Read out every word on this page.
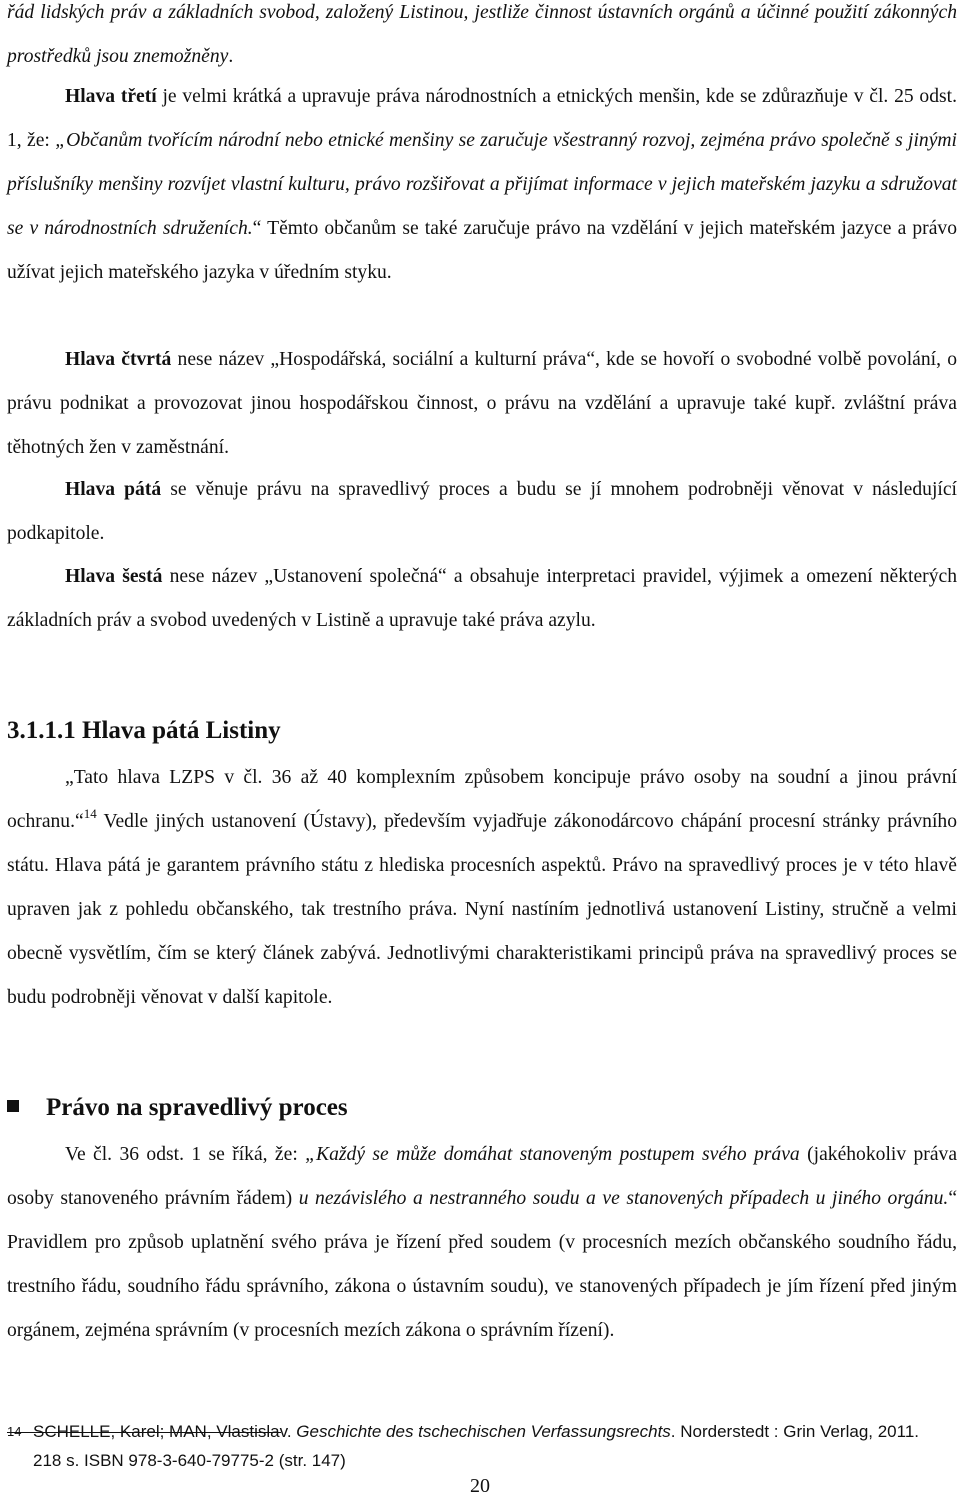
řád lidských práv a základních svobod, založený Listinou, jestliže činnost ústavních orgánů a účinné použití zákonných prostředků jsou znemožněny.

Hlava třetí je velmi krátká a upravuje práva národnostních a etnických menšin, kde se zdůrazňuje v čl. 25 odst. 1, že: „Občanům tvořícím národní nebo etnické menšiny se zaručuje všestranný rozvoj, zejména právo společně s jinými příslušníky menšiny rozvíjet vlastní kulturu, právo rozšiřovat a přijímat informace v jejich mateřském jazyku a sdružovat se v národnostních sdruženích.“ Těmto občanům se také zaručuje právo na vzdělání v jejich mateřském jazyce a právo užívat jejich mateřského jazyka v úředním styku.

Hlava čtvrtá nese název „Hospodářská, sociální a kulturní práva“, kde se hovoří o svobodné volbě povolání, o právu podnikat a provozovat jinou hospodářskou činnost, o právu na vzdělání a upravuje také kupř. zvláštní práva těhotných žen v zaměstnání.

Hlava pátá se věnuje právu na spravedlivý proces a budu se jí mnohem podrobněji věnovat v následující podkapitole.

Hlava šestá nese název „Ustanovení společná“ a obsahuje interpretaci pravidel, výjimek a omezení některých základních práv a svobod uvedených v Listině a upravuje také práva azylu.

3.1.1.1 Hlava pátá Listiny

„Tato hlava LZPS v čl. 36 až 40 komplexním způsobem koncipuje právo osoby na soudní a jinou právní ochranu.“$^{14}$ Vedle jiných ustanovení (Ústavy), především vyjadřuje zákonodárcovo chápání procesní stránky právního státu. Hlava pátá je garantem právního státu z hlediska procesních aspektů. Právo na spravedlivý proces je v této hlavě upraven jak z pohledu občanského, tak trestního práva. Nyní nastíním jednotlivá ustanovení Listiny, stručně a velmi obecně vysvětlím, čím se který článek zabývá. Jednotlivými charakteristikami principů práva na spravedlivý proces se budu podrobněji věnovat v další kapitole.

Právo na spravedlivý proces

Ve čl. 36 odst. 1 se říká, že: „Každý se může domáhat stanoveným postupem svého práva (jakéhokoliv práva osoby stanoveného právním řádem) u nezávislého a nestranného soudu a ve stanovených případech u jiného orgánu.“ Pravidlem pro způsob uplatnění svého práva je řízení před soudem (v procesních mezích občanského soudního řádu, trestního řádu, soudního řádu správního, zákona o ústavním soudu), ve stanovených případech je jím řízení před jiným orgánem, zejména správním (v procesních mezích zákona o správním řízení).

14 SCHELLE, Karel; MAN, Vlastislav. Geschichte des tschechischen Verfassungsrechts. Norderstedt : Grin Verlag, 2011. 218 s. ISBN 978-3-640-79775-2 (str. 147)
20
